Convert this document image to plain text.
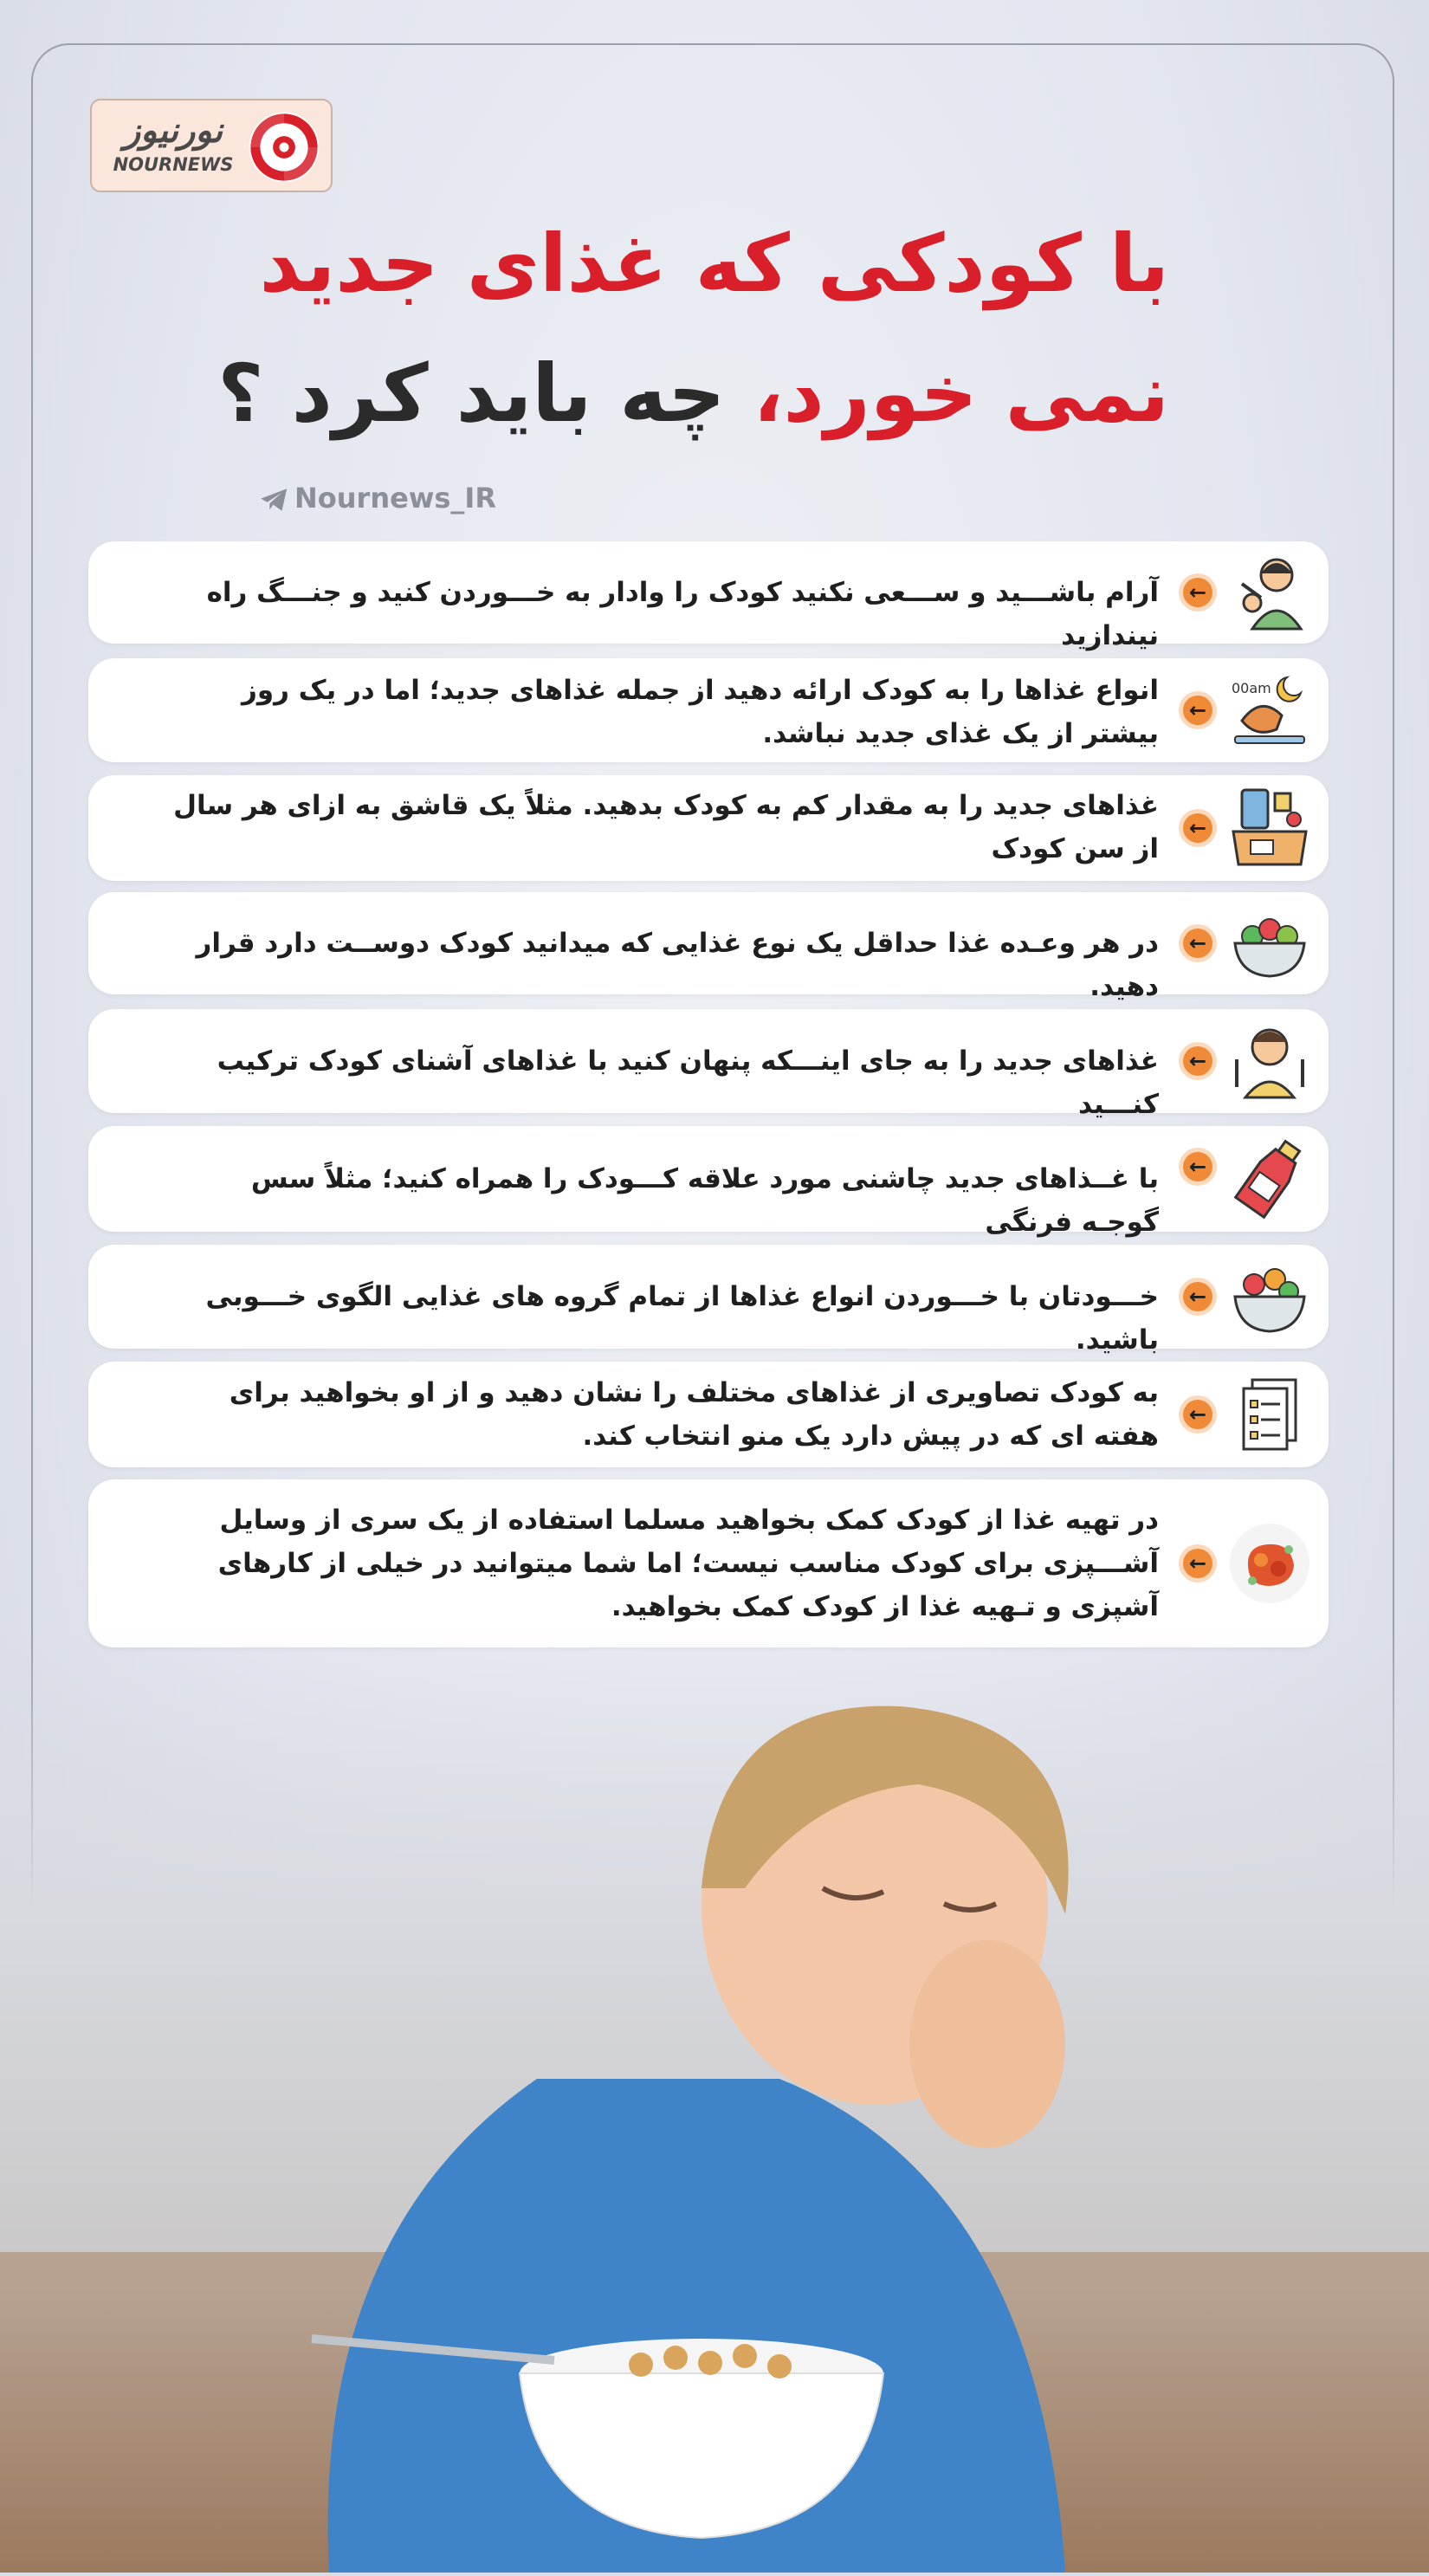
نورنیوز
NOURNEWS
با کودکی که غذای جدید
نمی خورد، چه باید کرد ؟
Nournews_IR
آرام باشـــید و ســـعی نکنید کودک را وادار به خـــوردن کنید و جنـــگ راه نیندازید
←
انواع غذاها را به کودک ارائه دهید از جمله غذاهای جدید؛ اما در یک روز بیشتر از یک غذای جدید نباشد.
←
00am
غذاهای جدید را به مقدار کم به کودک بدهید. مثلاً یک قاشق به ازای هر سال از سن کودک
←
در هر وعـده غذا حداقل یک نوع غذایی که میدانید کودک دوســت دارد قرار دهید.
←
غذاهای جدید را به جای اینـــکه پنهان کنید با غذاهای آشنای کودک ترکیب کنـــید
←
با غــذاهای جدید چاشنی مورد علاقه کـــودک را همراه کنید؛ مثلاً سس گوجـه فرنگی
←
خـــودتان با خـــوردن انواع غذاها از تمام گروه های غذایی الگوی خـــوبی باشید.
←
به کودک تصاویری از غذاهای مختلف را نشان دهید و از او بخواهید برای هفته ای که در پیش دارد یک منو انتخاب کند.
←
در تهیه غذا از کودک کمک بخواهید مسلما استفاده از یک سری از وسایل آشـــپزی برای کودک مناسب نیست؛ اما شما میتوانید در خیلی از کارهای آشپزی و تـهیه غذا از کودک کمک بخواهید.
←
